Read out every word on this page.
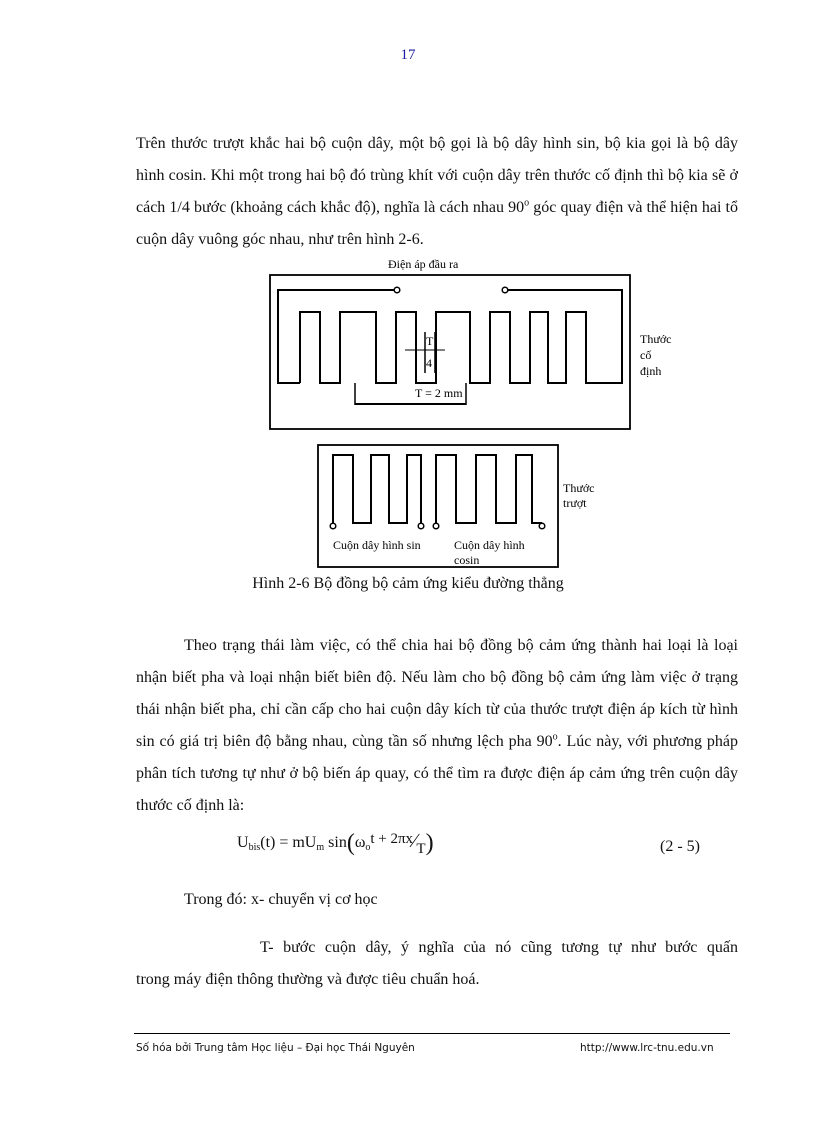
17

Trên thước trượt khắc hai bộ cuộn dây, một bộ gọi là bộ dây hình sin, bộ kia gọi là bộ dây hình cosin. Khi một trong hai bộ đó trùng khít với cuộn dây trên thước cố định thì bộ kia sẽ ở cách 1/4 bước (khoảng cách khắc độ), nghĩa là cách nhau 90$^o$ góc quay điện và thể hiện hai tổ cuộn dây vuông góc nhau, như trên hình 2-6.

Điện áp đầu ra
T
4
T = 2 mm
Thước
cố
định
Thước
trượt
Cuộn dây hình sin	Cuộn dây hình
cosin
Hình 2-6 Bộ đồng bộ cảm ứng kiểu đường thẳng

Theo trạng thái làm việc, có thể chia hai bộ đồng bộ cảm ứng thành hai loại là loại nhận biết pha và loại nhận biết biên độ. Nếu làm cho bộ đồng bộ cảm ứng làm việc ở trạng thái nhận biết pha, chỉ cần cấp cho hai cuộn dây kích từ của thước trượt điện áp kích từ hình sin có giá trị biên độ bằng nhau, cùng tần số nhưng lệch pha 90$^o$. Lúc này, với phương pháp phân tích tương tự như ở bộ biến áp quay, có thể tìm ra được điện áp cảm ứng trên cuộn dây thước cố định là:

$U_{bis}(t) = mU_m$ $\sin(\omega_ot$ + 2πx∕T)	(2 - 5)

Trong đó: x- chuyển vị cơ học

T- bước cuộn dây, ý nghĩa của nó cũng tương tự như bước quấn

trong máy điện thông thường và được tiêu chuẩn hoá.

Số hóa bởi Trung tâm Học liệu – Đại học Thái Nguyên	http://www.lrc-tnu.edu.vn
